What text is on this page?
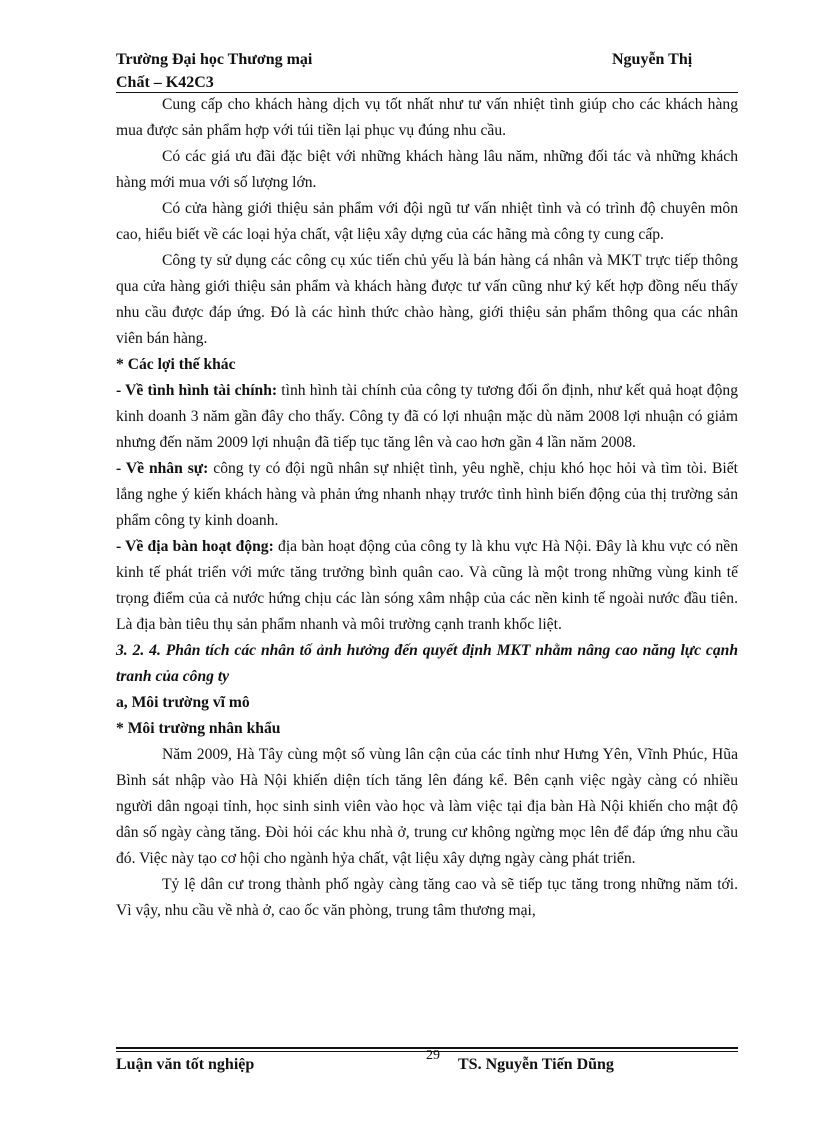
Trường Đại học Thương mại
Chất – K42C3
Nguyễn Thị

Cung cấp cho khách hàng dịch vụ tốt nhất như tư vấn nhiệt tình giúp cho các khách hàng mua được sản phẩm hợp với túi tiền lại phục vụ đúng nhu cầu.

Có các giá ưu đãi đặc biệt với những khách hàng lâu năm, những đối tác và những khách hàng mới mua với số lượng lớn.

Có cửa hàng giới thiệu sản phẩm với đội ngũ tư vấn nhiệt tình và có trình độ chuyên môn cao, hiểu biết về các loại hỷa chất, vật liệu xây dựng của các hãng mà công ty cung cấp.

Công ty sử dụng các công cụ xúc tiến chủ yếu là bán hàng cá nhân và MKT trực tiếp thông qua cửa hàng giới thiệu sản phẩm và khách hàng được tư vấn cũng như ký kết hợp đồng nếu thấy nhu cầu được đáp ứng. Đó là các hình thức chào hàng, giới thiệu sản phẩm thông qua các nhân viên bán hàng.

* Các lợi thế khác

- Về tình hình tài chính: tình hình tài chính của công ty tương đối ổn định, như kết quả hoạt động kinh doanh 3 năm gần đây cho thấy. Công ty đã có lợi nhuận mặc dù năm 2008 lợi nhuận có giảm nhưng đến năm 2009 lợi nhuận đã tiếp tục tăng lên và cao hơn gần 4 lần năm 2008.

- Về nhân sự: công ty có đội ngũ nhân sự nhiệt tình, yêu nghề, chịu khó học hỏi và tìm tòi. Biết lắng nghe ý kiến khách hàng và phản ứng nhanh nhạy trước tình hình biến động của thị trường sản phẩm công ty kinh doanh.

- Về địa bàn hoạt động: địa bàn hoạt động của công ty là khu vực Hà Nội. Đây là khu vực có nền kinh tế phát triển với mức tăng trưởng bình quân cao. Và cũng là một trong những vùng kinh tế trọng điểm của cả nước hứng chịu các làn sóng xâm nhập của các nền kinh tế ngoài nước đầu tiên. Là địa bàn tiêu thụ sản phẩm nhanh và môi trường cạnh tranh khốc liệt.

3. 2. 4. Phân tích các nhân tố ảnh hưởng đến quyết định MKT nhằm nâng cao năng lực cạnh tranh của công ty

a, Môi trường vĩ mô

* Môi trường nhân khẩu

Năm 2009, Hà Tây cùng một số vùng lân cận của các tỉnh như Hưng Yên, Vĩnh Phúc, Hũa Bình sát nhập vào Hà Nội khiến diện tích tăng lên đáng kể. Bên cạnh việc ngày càng có nhiều người dân ngoại tỉnh, học sinh sinh viên vào học và làm việc tại địa bàn Hà Nội khiến cho mật độ dân số ngày càng tăng. Đòi hỏi các khu nhà ở, trung cư không ngừng mọc lên để đáp ứng nhu cầu đó. Việc này tạo cơ hội cho ngành hỷa chất, vật liệu xây dựng ngày càng phát triển.

Tỷ lệ dân cư trong thành phố ngày càng tăng cao và sẽ tiếp tục tăng trong những năm tới. Vì vậy, nhu cầu về nhà ở, cao ốc văn phòng, trung tâm thương mại,

Luận văn tốt nghiệp
29
TS. Nguyễn Tiến Dũng
